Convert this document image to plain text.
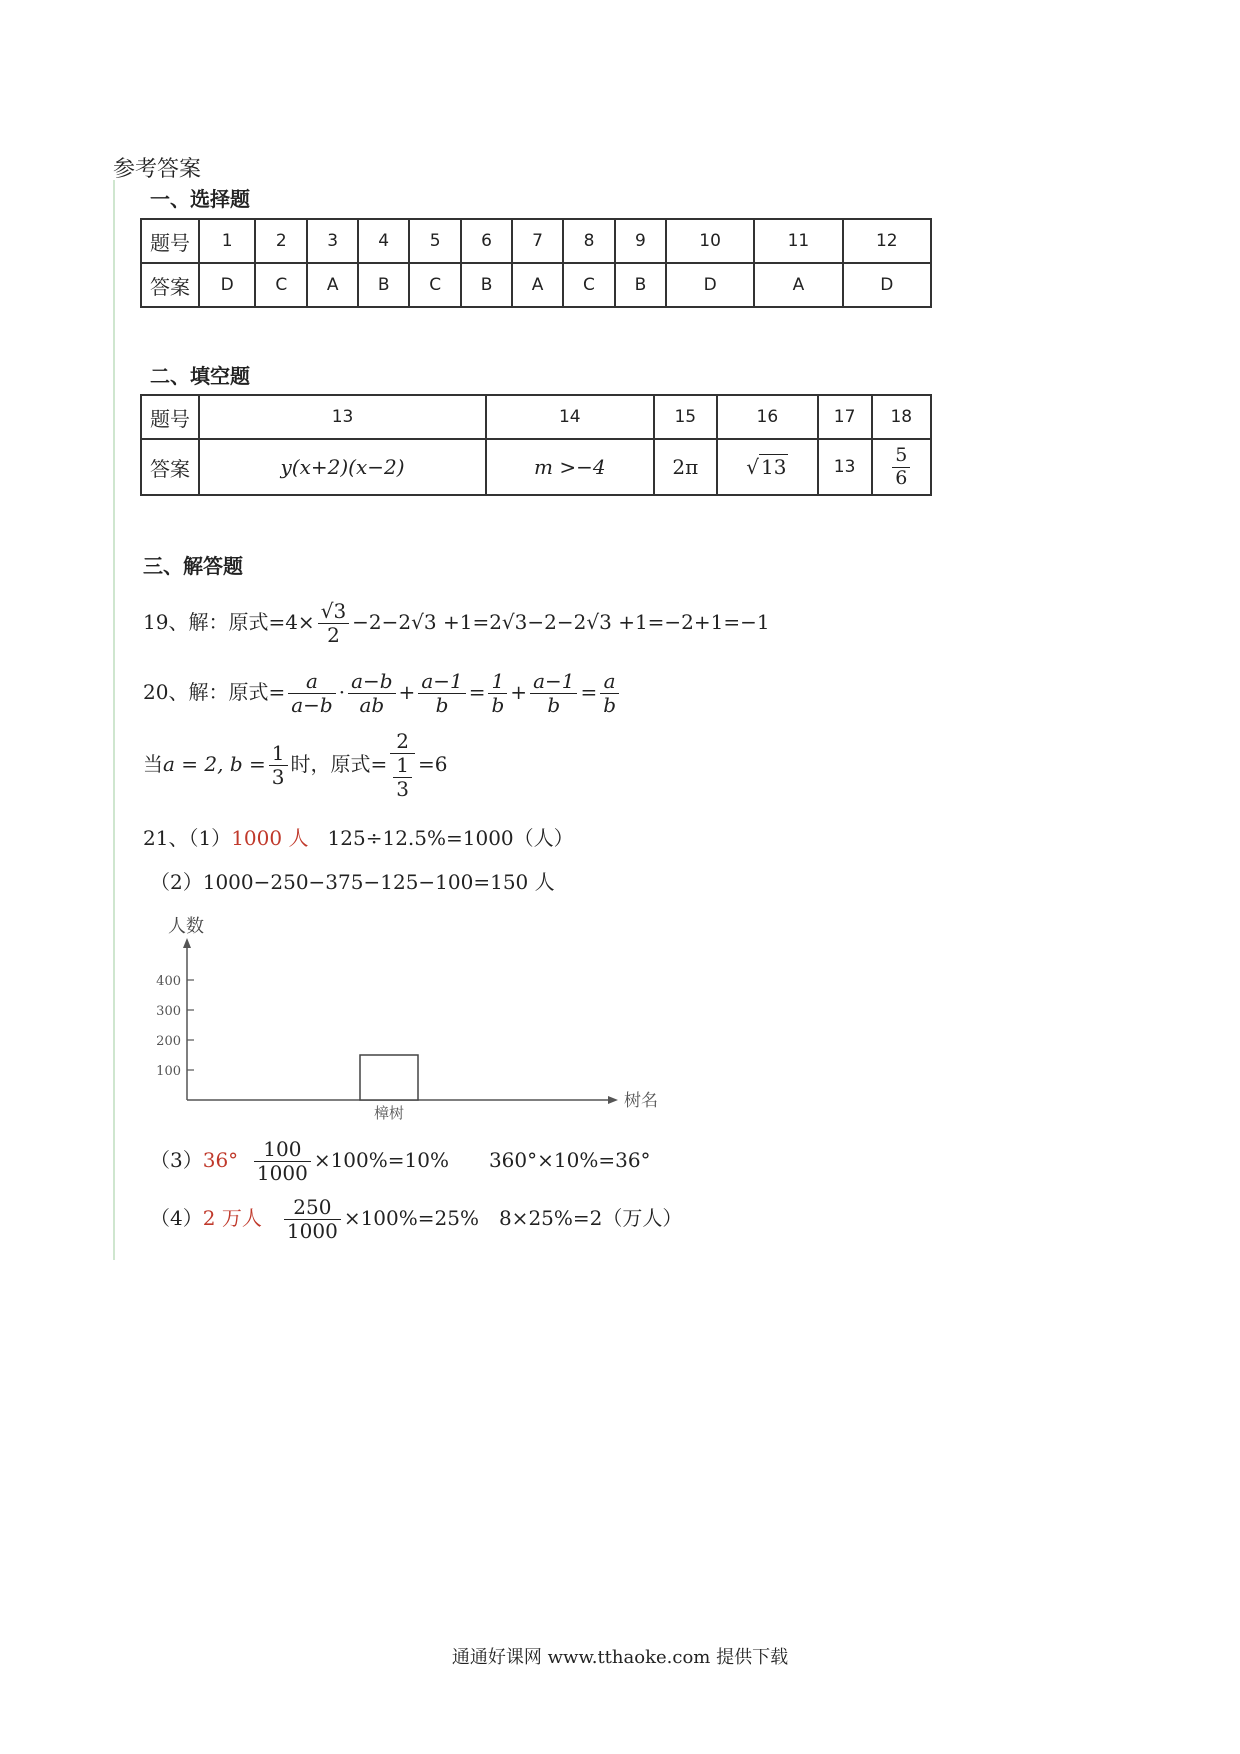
参考答案
一、选择题
题号	1	2	3	4	5	6	7	8	9	10	11	12
答案	D	C	A	B	C	B	A	C	B	D	A	D
二、填空题
题号	13	14	15	16	17	18
答案	y(x+2)(x−2)	m >−4	2π	√ 13	13	$\frac{5}{6}$
三、解答题
19、解：原式$=4\times \frac{√3}{2} -2-2√3 +1=2√3-2-2√3 +1=-2+1=-1$
20、解：原式= $\frac{a}{a-b} \cdot \frac{a-b}{ab} + \frac{a-1}{b} = \frac{1}{b} + \frac{a-1}{b} = \frac{a}{b}$
当a = 2, $b = \frac{1}{3}$ 时，原式= $\frac{2}{\frac{1}{3}} =6$
21、（1）1000 人 125÷12.5%=1000（人）
（2）1000−250−375−125−100=150 人
人数
树名
100
200
300
400
樟树
$(3)36^\circ \frac{100}{1000} \times 100\%=10\%$　　360°×10%=36°
（4）2 万人 $\frac{250}{1000} \times 100\%=25\%$　8×25%=2（万人）
通通好课网 www.tthaoke.com 提供下载
